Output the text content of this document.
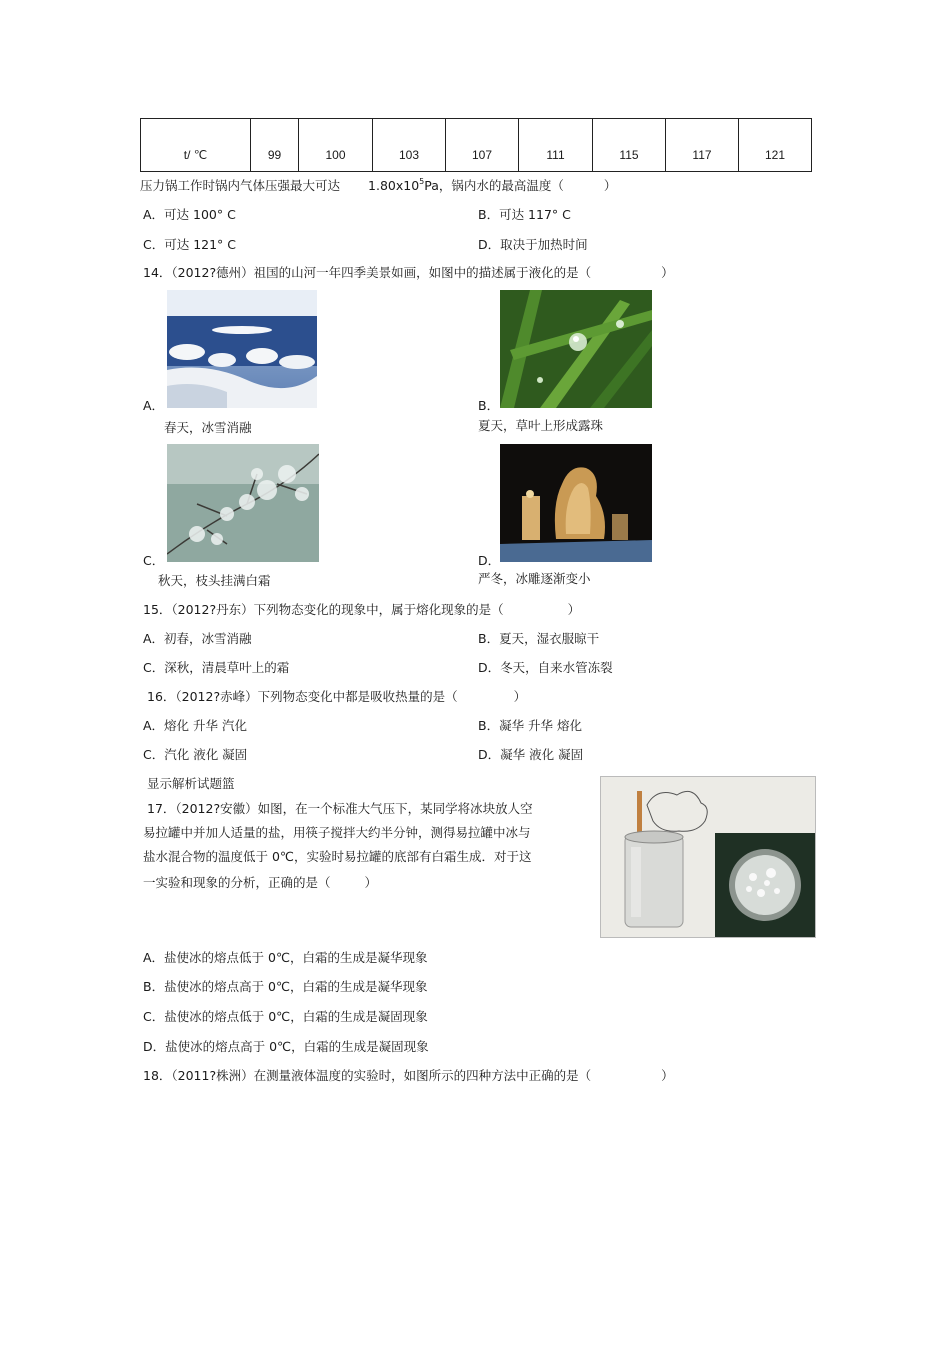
t/ ℃	99	100	103	107	111	115	117	121
压力锅工作时锅内气体压强最大可达 $1.80x10^5Pa$，锅内水的最高温度（	）
A．可达 100° C	B．可达 117° C
C．可达 121° C	D．取决于加热时间
14．（2012?德州）祖国的山河一年四季美景如画，如图中的描述属于液化的是（	）
A．
春天，冰雪消融
B．
夏天，草叶上形成露珠
C．
秋天，枝头挂满白霜
D．
严冬，冰雕逐渐变小
15．（2012?丹东）下列物态变化的现象中，属于熔化现象的是（	）
A．初春，冰雪消融	B．夏天，湿衣服晾干
C．深秋，清晨草叶上的霜	D．冬天，自来水管冻裂
16．（2012?赤峰）下列物态变化中都是吸收热量的是（	）
A．熔化 升华 汽化	B．凝华 升华 熔化
C．汽化 液化 凝固	D．凝华 液化 凝固
显示解析试题篮
17．（2012?安徽）如图，在一个标准大气压下，某同学将冰块放人空
易拉罐中并加人适量的盐，用筷子搅拌大约半分钟，测得易拉罐中冰与
盐水混合物的温度低于 0℃，实验时易拉罐的底部有白霜生成．对于这
一实验和现象的分析，正确的是（	）
A．盐使冰的熔点低于 0℃，白霜的生成是凝华现象
B．盐使冰的熔点高于 0℃，白霜的生成是凝华现象
C．盐使冰的熔点低于 0℃，白霜的生成是凝固现象
D．盐使冰的熔点高于 0℃，白霜的生成是凝固现象
18．（2011?株洲）在测量液体温度的实验时，如图所示的四种方法中正确的是（	）
